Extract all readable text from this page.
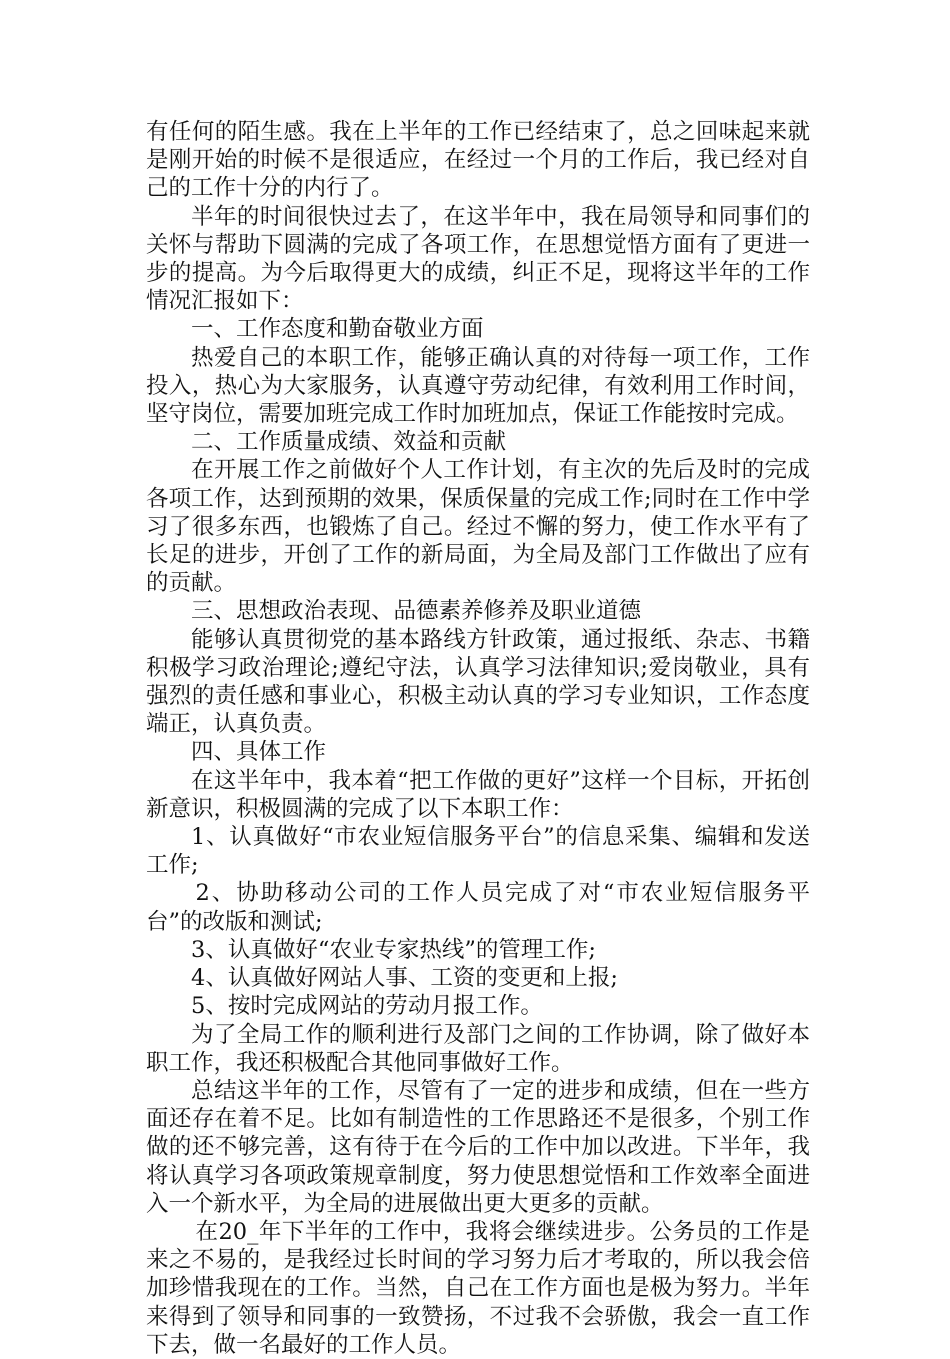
有任何的陌生感。我在上半年的工作已经结束了，总之回味起来就是刚开始的时候不是很适应，在经过一个月的工作后，我已经对自己的工作十分的内行了。

半年的时间很快过去了，在这半年中，我在局领导和同事们的关怀与帮助下圆满的完成了各项工作，在思想觉悟方面有了更进一步的提高。为今后取得更大的成绩，纠正不足，现将这半年的工作情况汇报如下：

一、工作态度和勤奋敬业方面

热爱自己的本职工作，能够正确认真的对待每一项工作，工作投入，热心为大家服务，认真遵守劳动纪律，有效利用工作时间，坚守岗位，需要加班完成工作时加班加点，保证工作能按时完成。

二、工作质量成绩、效益和贡献

在开展工作之前做好个人工作计划，有主次的先后及时的完成各项工作，达到预期的效果，保质保量的完成工作;同时在工作中学习了很多东西，也锻炼了自己。经过不懈的努力，使工作水平有了长足的进步，开创了工作的新局面，为全局及部门工作做出了应有的贡献。

三、思想政治表现、品德素养修养及职业道德

能够认真贯彻党的基本路线方针政策，通过报纸、杂志、书籍积极学习政治理论;遵纪守法，认真学习法律知识;爱岗敬业，具有强烈的责任感和事业心，积极主动认真的学习专业知识，工作态度端正，认真负责。

四、具体工作

在这半年中，我本着“把工作做的更好”这样一个目标，开拓创新意识，积极圆满的完成了以下本职工作：

1、认真做好“市农业短信服务平台”的信息采集、编辑和发送工作;

2、协助移动公司的工作人员完成了对“市农业短信服务平台”的改版和测试;

3、认真做好“农业专家热线”的管理工作;

4、认真做好网站人事、工资的变更和上报;

5、按时完成网站的劳动月报工作。

为了全局工作的顺利进行及部门之间的工作协调，除了做好本职工作，我还积极配合其他同事做好工作。

总结这半年的工作，尽管有了一定的进步和成绩，但在一些方面还存在着不足。比如有制造性的工作思路还不是很多，个别工作做的还不够完善，这有待于在今后的工作中加以改进。下半年，我将认真学习各项政策规章制度，努力使思想觉悟和工作效率全面进入一个新水平，为全局的进展做出更大更多的贡献。

在20_年下半年的工作中，我将会继续进步。公务员的工作是来之不易的，是我经过长时间的学习努力后才考取的，所以我会倍加珍惜我现在的工作。当然，自己在工作方面也是极为努力。半年来得到了领导和同事的一致赞扬，不过我不会骄傲，我会一直工作下去，做一名最好的工作人员。
